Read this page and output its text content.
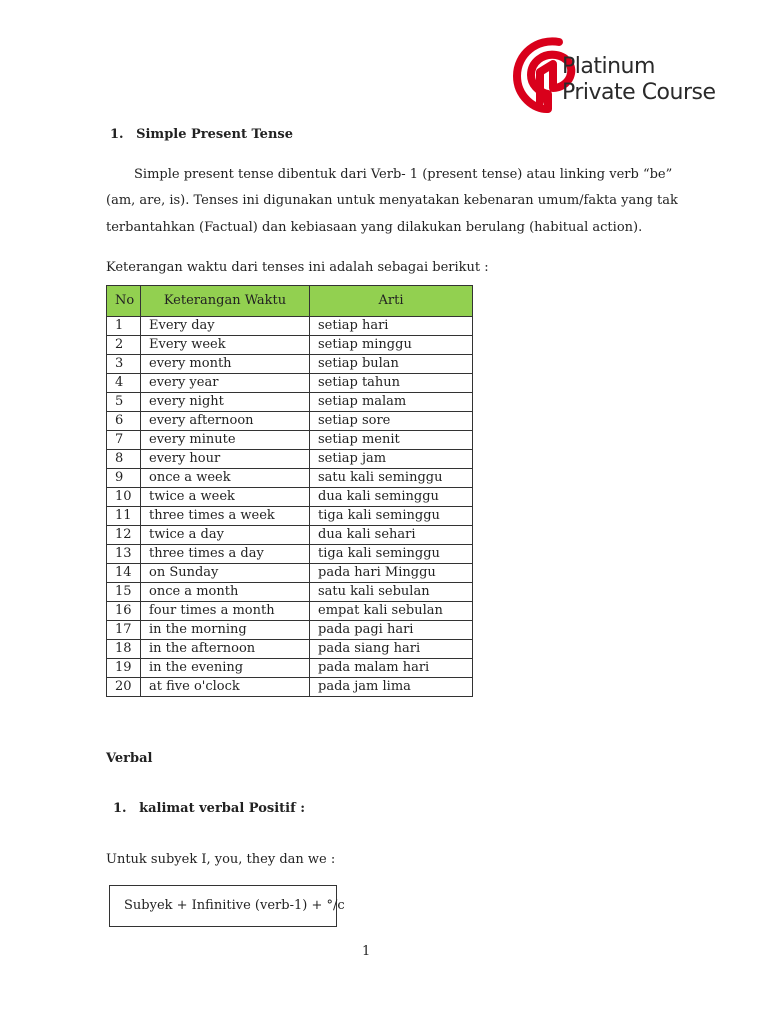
Platinum
Private Course
1. Simple Present Tense
Simple present tense dibentuk dari Verb- 1 (present tense) atau linking verb “be”
(am, are, is). Tenses ini digunakan untuk menyatakan kebenaran umum/fakta yang tak
terbantahkan (Factual) dan kebiasaan yang dilakukan berulang (habitual action).
Keterangan waktu dari tenses ini adalah sebagai berikut :
No	Keterangan Waktu	Arti
1	Every day	setiap hari
2	Every week	setiap minggu
3	every month	setiap bulan
4	every year	setiap tahun
5	every night	setiap malam
6	every afternoon	setiap sore
7	every minute	setiap menit
8	every hour	setiap jam
9	once a week	satu kali seminggu
10	twice a week	dua kali seminggu
11	three times a week	tiga kali seminggu
12	twice a day	dua kali sehari
13	three times a day	tiga kali seminggu
14	on Sunday	pada hari Minggu
15	once a month	satu kali sebulan
16	four times a month	empat kali sebulan
17	in the morning	pada pagi hari
18	in the afternoon	pada siang hari
19	in the evening	pada malam hari
20	at five o'clock	pada jam lima
Verbal
1. kalimat verbal Positif :
Untuk subyek I, you, they dan we :
Subyek + Infinitive (verb-1) + °/c
1
